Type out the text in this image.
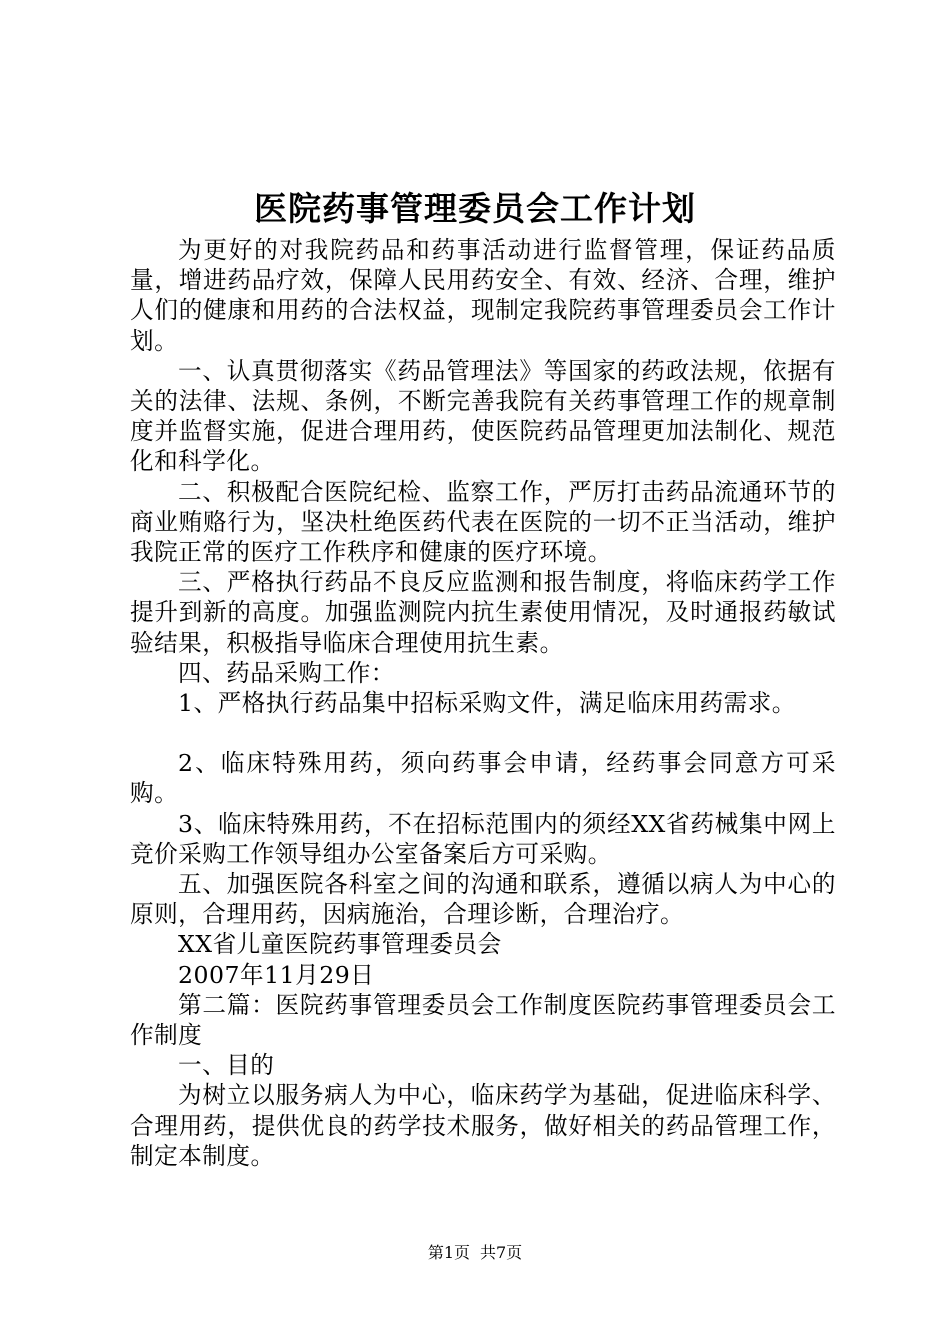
医院药事管理委员会工作计划

为更好的对我院药品和药事活动进行监督管理，保证药品质量，增进药品疗效，保障人民用药安全、有效、经济、合理，维护人们的健康和用药的合法权益，现制定我院药事管理委员会工作计划。

一、认真贯彻落实《药品管理法》等国家的药政法规，依据有关的法律、法规、条例，不断完善我院有关药事管理工作的规章制度并监督实施，促进合理用药，使医院药品管理更加法制化、规范化和科学化。

二、积极配合医院纪检、监察工作，严厉打击药品流通环节的商业贿赂行为，坚决杜绝医药代表在医院的一切不正当活动，维护我院正常的医疗工作秩序和健康的医疗环境。

三、严格执行药品不良反应监测和报告制度，将临床药学工作提升到新的高度。加强监测院内抗生素使用情况，及时通报药敏试验结果，积极指导临床合理使用抗生素。

四、药品采购工作：

1、严格执行药品集中招标采购文件，满足临床用药需求。

2、临床特殊用药，须向药事会申请，经药事会同意方可采购。

3、临床特殊用药，不在招标范围内的须经XX省药械集中网上竞价采购工作领导组办公室备案后方可采购。

五、加强医院各科室之间的沟通和联系，遵循以病人为中心的原则，合理用药，因病施治，合理诊断，合理治疗。

XX省儿童医院药事管理委员会

2007年11月29日

第二篇：医院药事管理委员会工作制度医院药事管理委员会工作制度

一、目的

为树立以服务病人为中心，临床药学为基础，促进临床科学、合理用药，提供优良的药学技术服务，做好相关的药品管理工作，制定本制度。

第1页 共7页
